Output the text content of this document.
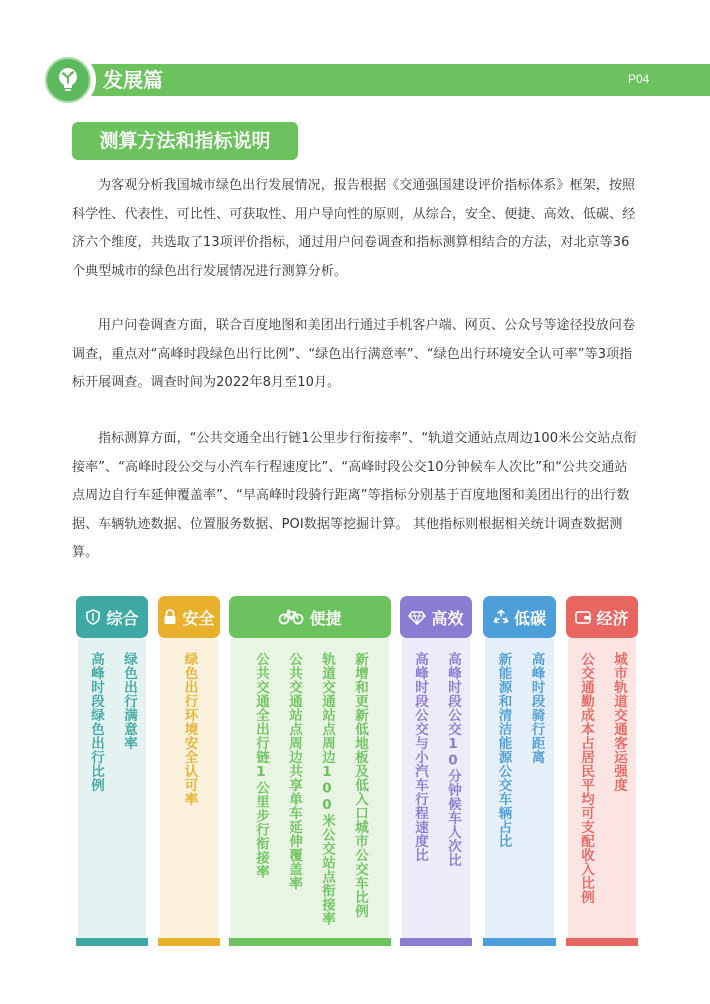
发展篇	P04
测算方法和指标说明

为客观分析我国城市绿色出行发展情况，报告根据《交通强国建设评价指标体系》框架，按照科学性、代表性、可比性、可获取性、用户导向性的原则，从综合，安全、便捷、高效、低碳、经济六个维度，共选取了13项评价指标，通过用户问卷调查和指标测算相结合的方法，对北京等36个典型城市的绿色出行发展情况进行测算分析。

用户问卷调查方面，联合百度地图和美团出行通过手机客户端、网页、公众号等途径投放问卷调查，重点对“高峰时段绿色出行比例”、“绿色出行满意率”、“绿色出行环境安全认可率”等3项指标开展调查。调查时间为2022年8月至10月。

指标测算方面，“公共交通全出行链1公里步行衔接率”、“轨道交通站点周边100米公交站点衔接率”、“高峰时段公交与小汽车行程速度比”、“高峰时段公交10分钟候车人次比”和“公共交通站点周边自行车延伸覆盖率”、“早高峰时段骑行距离”等指标分别基于百度地图和美团出行的出行数据、车辆轨迹数据、位置服务数据、POI数据等挖掘计算。 其他指标则根据相关统计调查数据测算。

综合
绿色出行满意率
高峰时段绿色出行比例
安全
绿色出行环境安全认可率
便捷
新增和更新低地板及低入口城市公交车比例
轨道交通站点周边100米公交站点衔接率
公共交通站点周边共享单车延伸覆盖率
公共交通全出行链1公里步行衔接率
高效
高峰时段公交10分钟候车人次比
高峰时段公交与小汽车行程速度比
低碳
高峰时段骑行距离
新能源和清洁能源公交车辆占比
经济
城市轨道交通客运强度
公交通勤成本占居民平均可支配收入比例
